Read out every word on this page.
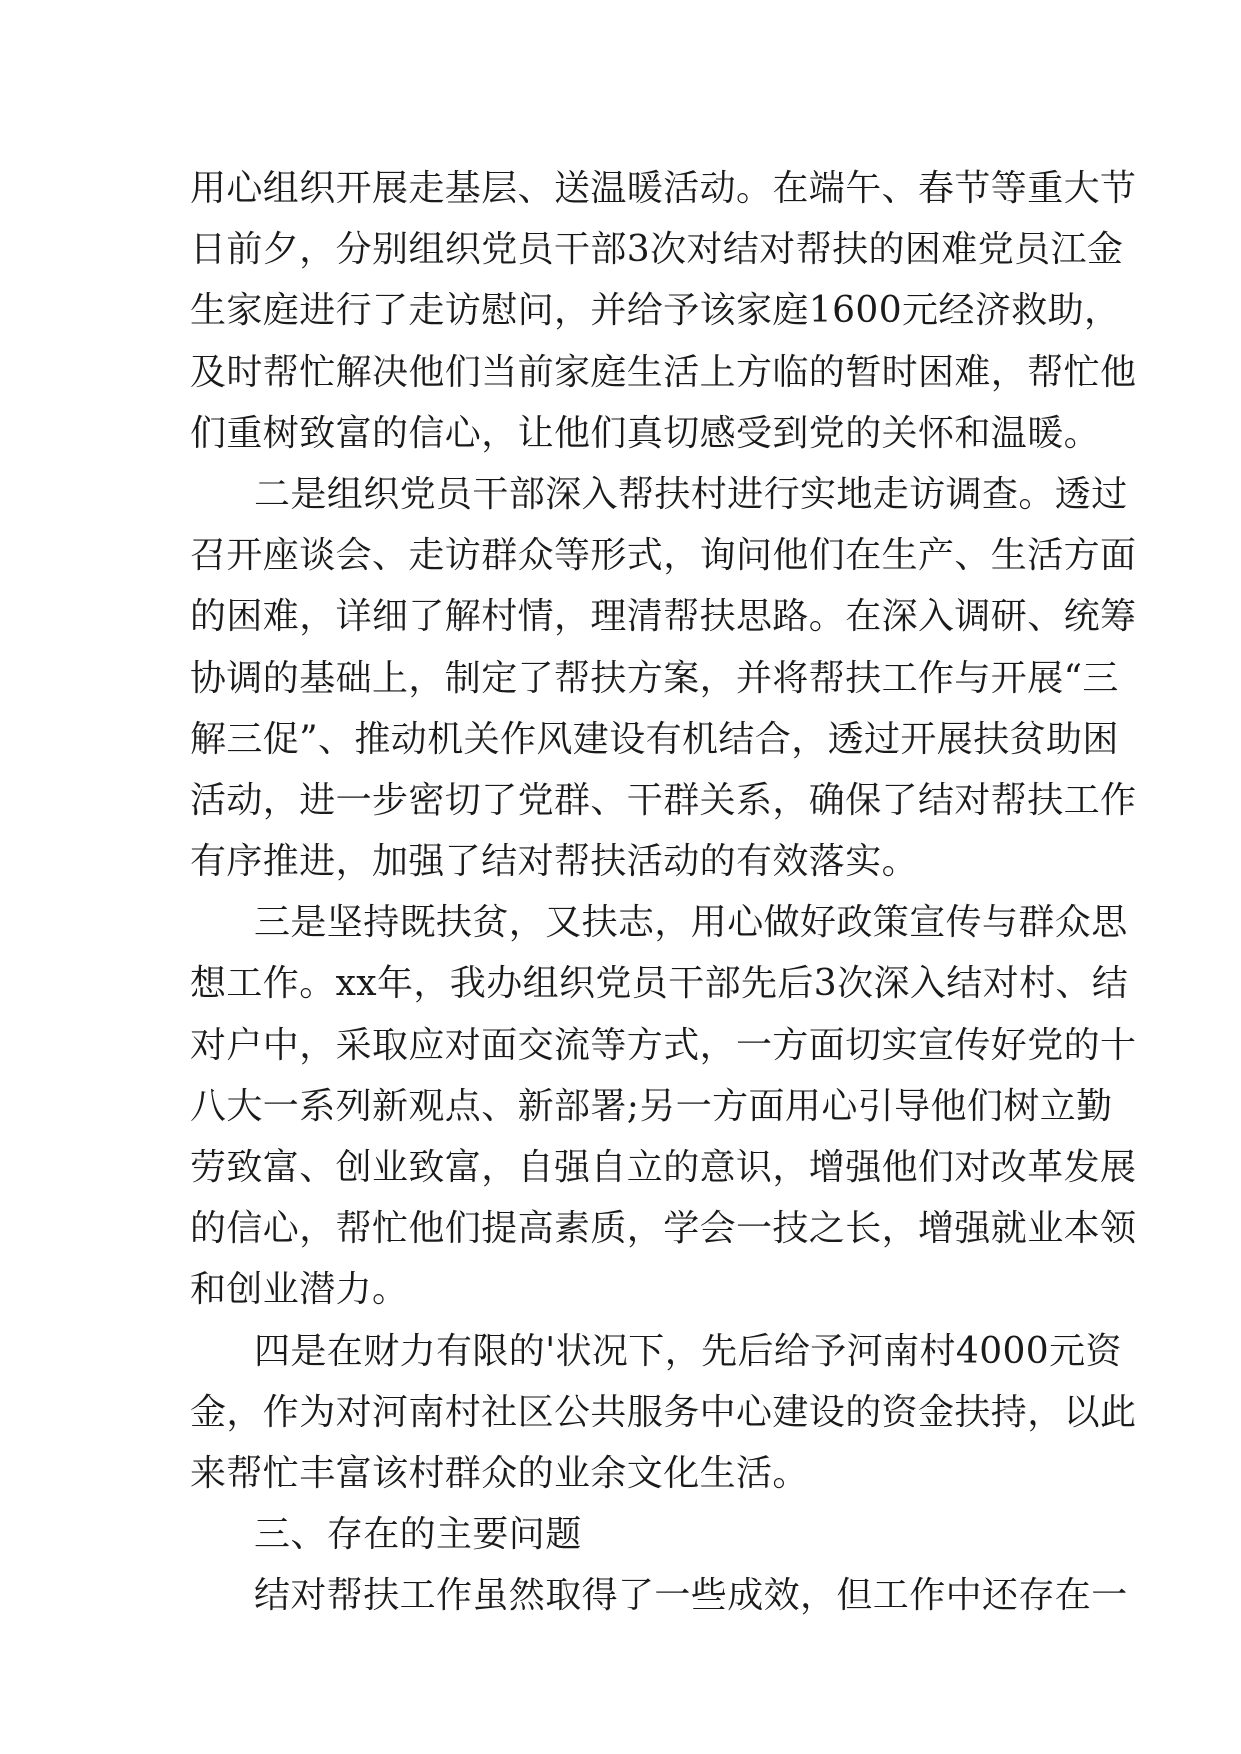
用心组织开展走基层、送温暖活动。在端午、春节等重大节
日前夕，分别组织党员干部3次对结对帮扶的困难党员江金
生家庭进行了走访慰问，并给予该家庭1600元经济救助，
及时帮忙解决他们当前家庭生活上方临的暂时困难，帮忙他
们重树致富的信心，让他们真切感受到党的关怀和温暖。
二是组织党员干部深入帮扶村进行实地走访调查。透过
召开座谈会、走访群众等形式，询问他们在生产、生活方面
的困难，详细了解村情，理清帮扶思路。在深入调研、统筹
协调的基础上，制定了帮扶方案，并将帮扶工作与开展“三
解三促”、推动机关作风建设有机结合，透过开展扶贫助困
活动，进一步密切了党群、干群关系，确保了结对帮扶工作
有序推进，加强了结对帮扶活动的有效落实。
三是坚持既扶贫，又扶志，用心做好政策宣传与群众思
想工作。xx年，我办组织党员干部先后3次深入结对村、结
对户中，采取应对面交流等方式，一方面切实宣传好党的十
八大一系列新观点、新部署;另一方面用心引导他们树立勤
劳致富、创业致富，自强自立的意识，增强他们对改革发展
的信心，帮忙他们提高素质，学会一技之长，增强就业本领
和创业潜力。
四是在财力有限的'状况下，先后给予河南村4000元资
金，作为对河南村社区公共服务中心建设的资金扶持，以此
来帮忙丰富该村群众的业余文化生活。
三、存在的主要问题
结对帮扶工作虽然取得了一些成效，但工作中还存在一
